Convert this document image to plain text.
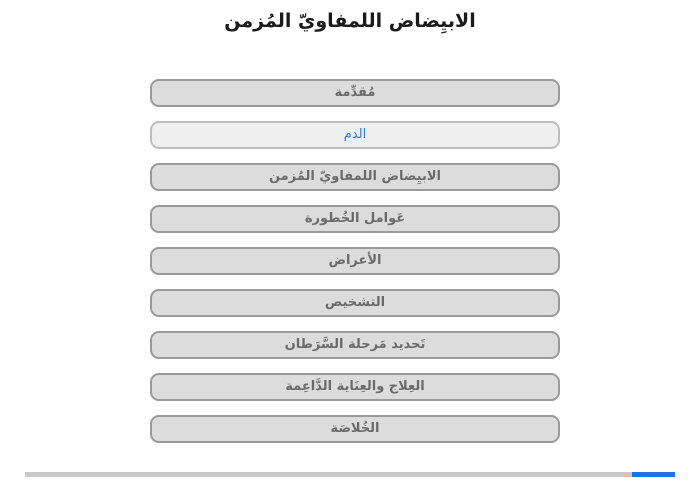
الابيِضاض اللمفاويّ المُزمن
مُقدِّمة
الدم
الابيِضاض اللمفاويّ المُزمن
عَوامل الخُطورة
الأعراض
التشخيص
تَحديد مَرحلة السَّرَطان
العِلاج والعِنَاية الدَّاعِمة
الخُلاصَة
